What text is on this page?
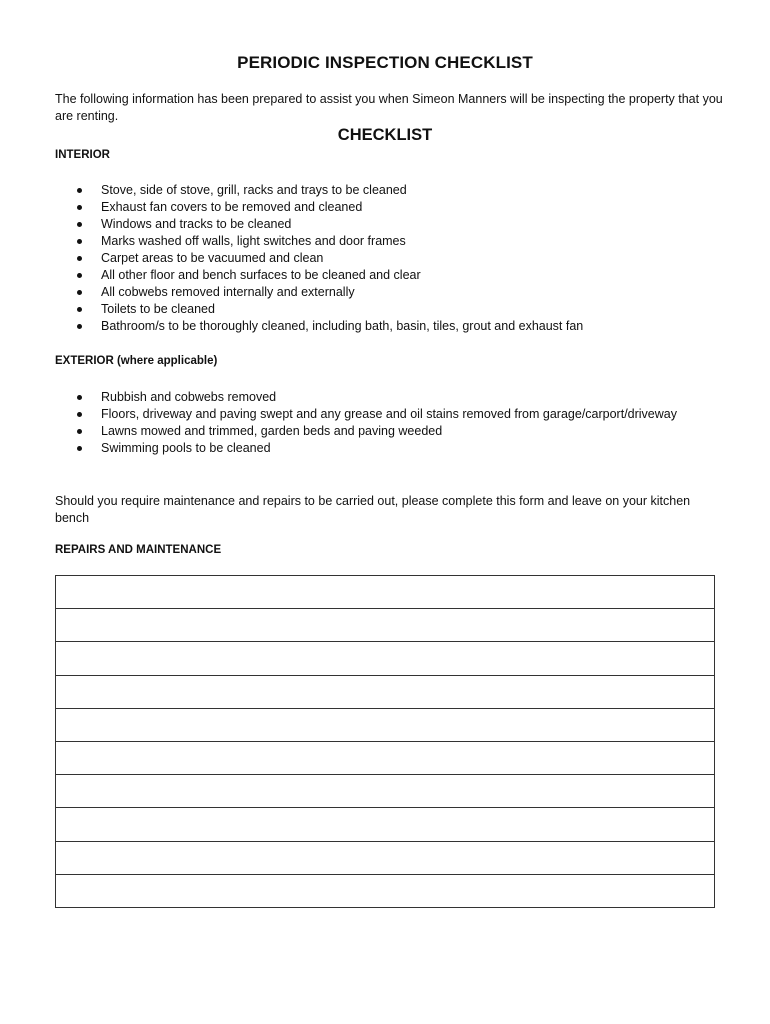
PERIODIC INSPECTION CHECKLIST
The following information has been prepared to assist you when Simeon Manners will be inspecting the property that you are renting.
CHECKLIST
INTERIOR
Stove, side of stove, grill, racks and trays to be cleaned
Exhaust fan covers to be removed and cleaned
Windows and tracks to be cleaned
Marks washed off walls, light switches and door frames
Carpet areas to be vacuumed and clean
All other floor and bench surfaces to be cleaned and clear
All cobwebs removed internally and externally
Toilets to be cleaned
Bathroom/s to be thoroughly cleaned, including bath, basin, tiles, grout and exhaust fan
EXTERIOR (where applicable)
Rubbish and cobwebs removed
Floors, driveway and paving swept and any grease and oil stains removed from garage/carport/driveway
Lawns mowed and trimmed, garden beds and paving weeded
Swimming pools to be cleaned
Should you require maintenance and repairs to be carried out, please complete this form and leave on your kitchen bench
REPAIRS AND MAINTENANCE
